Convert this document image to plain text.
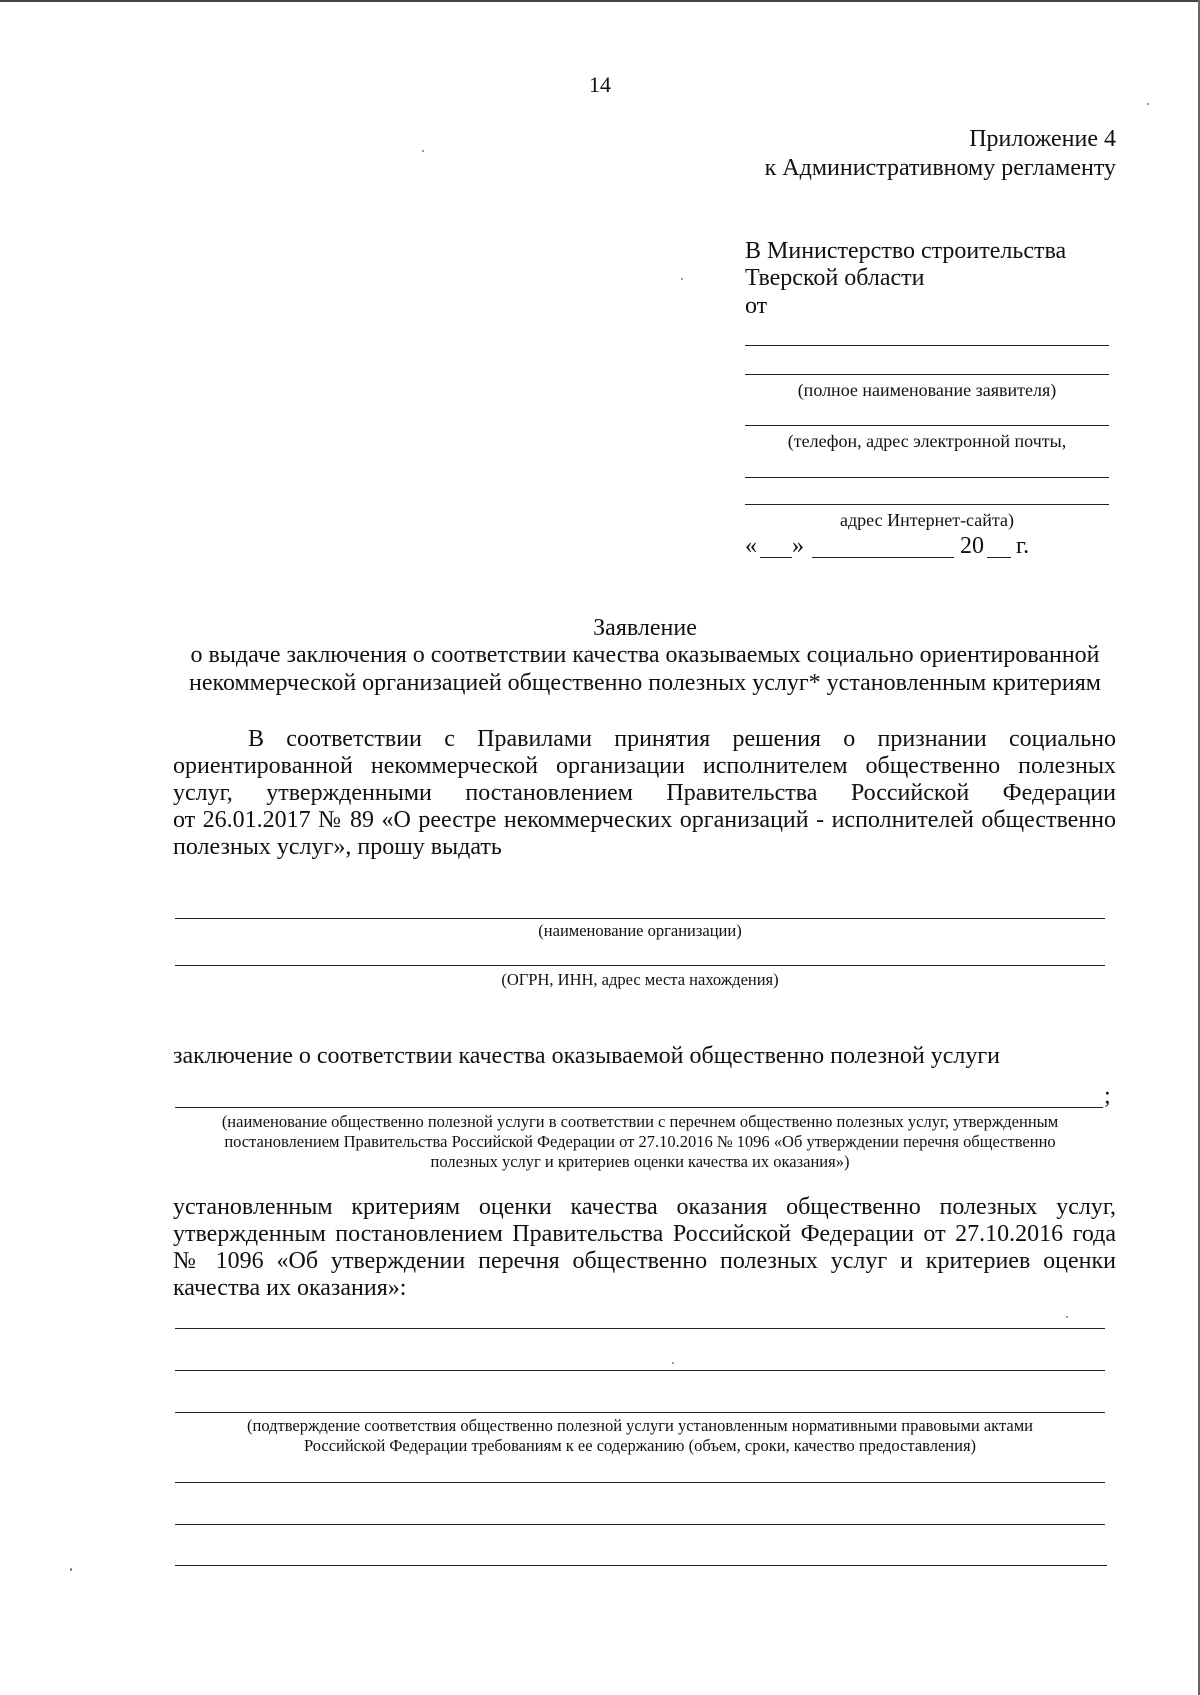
14
Приложение 4
к Административному регламенту
В Министерство строительства
Тверской области
от
(полное наименование заявителя)
(телефон, адрес электронной почты,
адрес Интернет-сайта)
« »	20 г.
Заявление
о выдаче заключения о соответствии качества оказываемых социально ориентированной
некоммерческой организацией общественно полезных услуг* установленным критериям
В соответствии с Правилами принятия решения о признании социально
ориентированной некоммерческой организации исполнителем общественно полезных
услуг, утвержденными постановлением Правительства Российской Федерации
от 26.01.2017 № 89 «О реестре некоммерческих организаций - исполнителей общественно
полезных услуг», прошу выдать
(наименование организации)
(ОГРН, ИНН, адрес места нахождения)
заключение о соответствии качества оказываемой общественно полезной услуги
;
(наименование общественно полезной услуги в соответствии с перечнем общественно полезных услуг, утвержденным
постановлением Правительства Российской Федерации от 27.10.2016 № 1096 «Об утверждении перечня общественно
полезных услуг и критериев оценки качества их оказания»)
установленным критериям оценки качества оказания общественно полезных услуг,
утвержденным постановлением Правительства Российской Федерации от 27.10.2016 года
№ 1096 «Об утверждении перечня общественно полезных услуг и критериев оценки
качества их оказания»:
(подтверждение соответствия общественно полезной услуги установленным нормативными правовыми актами
Российской Федерации требованиям к ее содержанию (объем, сроки, качество предоставления)
